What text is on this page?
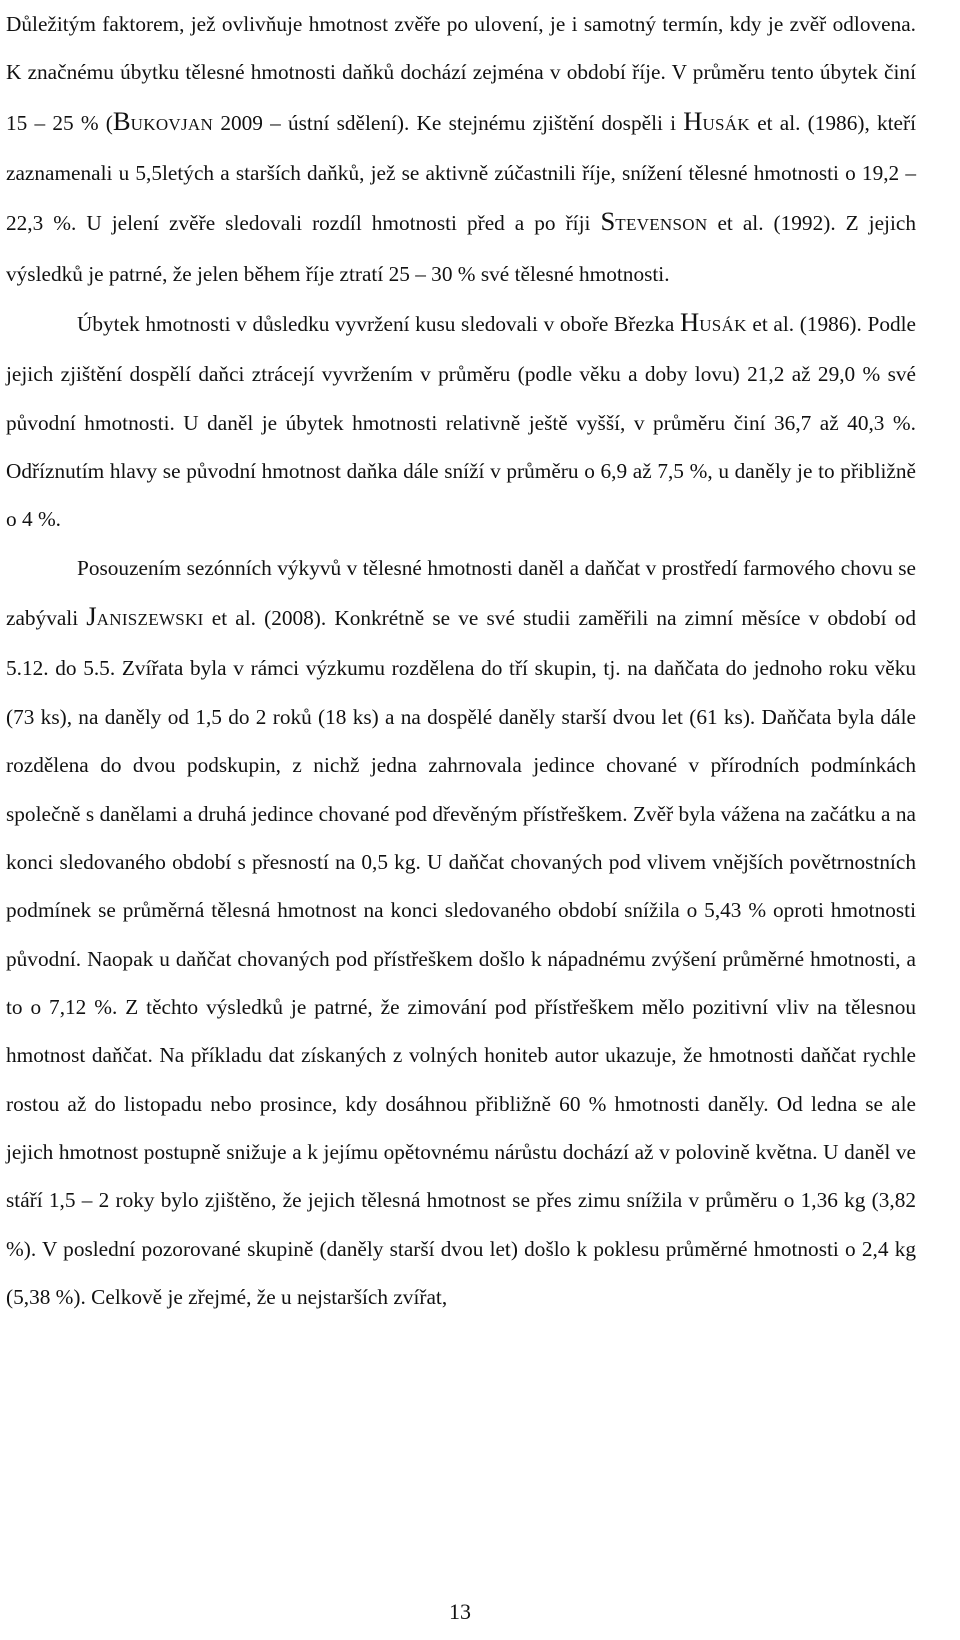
Důležitým faktorem, jež ovlivňuje hmotnost zvěře po ulovení, je i samotný termín, kdy je zvěř odlovena. K značnému úbytku tělesné hmotnosti daňků dochází zejména v období říje. V průměru tento úbytek činí 15 – 25 % (BUKOVJAN 2009 – ústní sdělení). Ke stejnému zjištění dospěli i HUSÁK et al. (1986), kteří zaznamenali u 5,5letých a starších daňků, jež se aktivně zúčastnili říje, snížení tělesné hmotnosti o 19,2 – 22,3 %. U jelení zvěře sledovali rozdíl hmotnosti před a po říji STEVENSON et al. (1992). Z jejich výsledků je patrné, že jelen během říje ztratí 25 – 30 % své tělesné hmotnosti.

Úbytek hmotnosti v důsledku vyvržení kusu sledovali v oboře Březka HUSÁK et al. (1986). Podle jejich zjištění dospělí daňci ztrácejí vyvržením v průměru (podle věku a doby lovu) 21,2 až 29,0 % své původní hmotnosti. U daněl je úbytek hmotnosti relativně ještě vyšší, v průměru činí 36,7 až 40,3 %. Odříznutím hlavy se původní hmotnost daňka dále sníží v průměru o 6,9 až 7,5 %, u daněly je to přibližně o 4 %.

Posouzením sezónních výkyvů v tělesné hmotnosti daněl a daňčat v prostředí farmového chovu se zabývali JANISZEWSKI et al. (2008). Konkrétně se ve své studii zaměřili na zimní měsíce v období od 5.12. do 5.5. Zvířata byla v rámci výzkumu rozdělena do tří skupin, tj. na daňčata do jednoho roku věku (73 ks), na daněly od 1,5 do 2 roků (18 ks) a na dospělé daněly starší dvou let (61 ks). Daňčata byla dále rozdělena do dvou podskupin, z nichž jedna zahrnovala jedince chované v přírodních podmínkách společně s danělami a druhá jedince chované pod dřevěným přístřeškem. Zvěř byla vážena na začátku a na konci sledovaného období s přesností na 0,5 kg. U daňčat chovaných pod vlivem vnějších povětrnostních podmínek se průměrná tělesná hmotnost na konci sledovaného období snížila o 5,43 % oproti hmotnosti původní. Naopak u daňčat chovaných pod přístřeškem došlo k nápadnému zvýšení průměrné hmotnosti, a to o 7,12 %. Z těchto výsledků je patrné, že zimování pod přístřeškem mělo pozitivní vliv na tělesnou hmotnost daňčat. Na příkladu dat získaných z volných honiteb autor ukazuje, že hmotnosti daňčat rychle rostou až do listopadu nebo prosince, kdy dosáhnou přibližně 60 % hmotnosti daněly. Od ledna se ale jejich hmotnost postupně snižuje a k jejímu opětovnému nárůstu dochází až v polovině května. U daněl ve stáří 1,5 – 2 roky bylo zjištěno, že jejich tělesná hmotnost se přes zimu snížila v průměru o 1,36 kg (3,82 %). V poslední pozorované skupině (daněly starší dvou let) došlo k poklesu průměrné hmotnosti o 2,4 kg (5,38 %). Celkově je zřejmé, že u nejstarších zvířat,

13
